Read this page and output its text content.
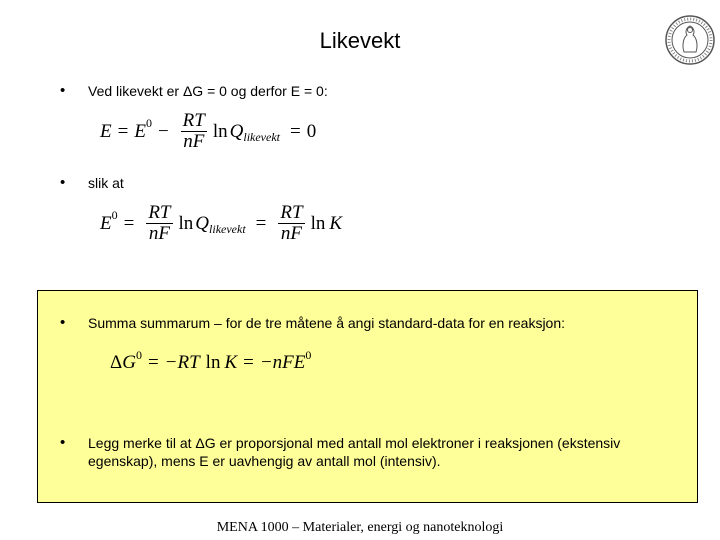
Likevekt
• Ved likevekt er ΔG = 0 og derfor E = 0:
E = E $0 - \frac{RT}{nF}$ ln Q likevekt = 0
• slik at
E $0 = \frac{RT}{nF}$ ln Q likevekt = $\frac{RT}{nF}$ ln K
• Summa summarum – for de tre måtene å angi standard-data for en reaksjon:
Δ G 0 = −RT ln K = −nFE 0
• Legg merke til at ΔG er proporsjonal med antall mol elektroner i reaksjonen (ekstensiv egenskap), mens E er uavhengig av antall mol (intensiv).
MENA 1000 – Materialer, energi og nanoteknologi
